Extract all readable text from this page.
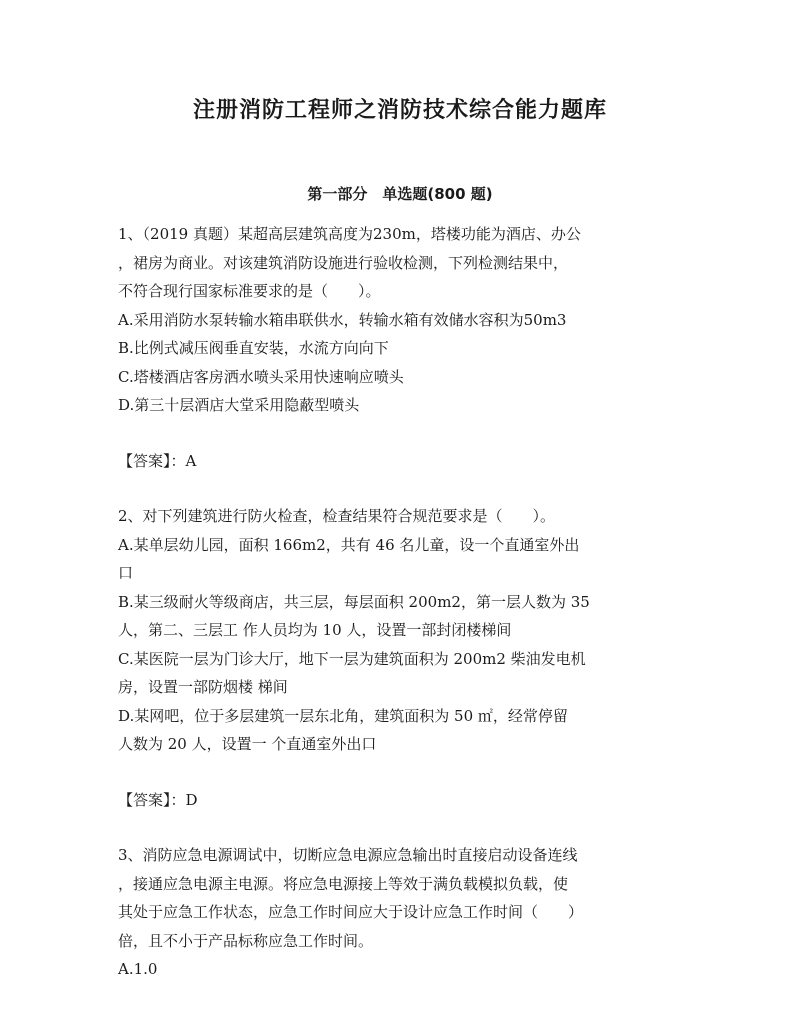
注册消防工程师之消防技术综合能力题库
第一部分　单选题(800 题)
1、（2019 真题）某超高层建筑高度为230m，塔楼功能为酒店、办公
，裙房为商业。对该建筑消防设施进行验收检测，下列检测结果中，
不符合现行国家标准要求的是（　　）。
A.采用消防水泵转输水箱串联供水，转输水箱有效储水容积为50m3
B.比例式减压阀垂直安装，水流方向向下
C.塔楼酒店客房洒水喷头采用快速响应喷头
D.第三十层酒店大堂采用隐蔽型喷头
【答案】：A
2、对下列建筑进行防火检查，检查结果符合规范要求是（　　）。
A.某单层幼儿园，面积 166m2，共有 46 名儿童，设一个直通室外出
口
B.某三级耐火等级商店，共三层，每层面积 200m2，第一层人数为 35
人，第二、三层工 作人员均为 10 人，设置一部封闭楼梯间
C.某医院一层为门诊大厅，地下一层为建筑面积为 200m2 柴油发电机
房，设置一部防烟楼 梯间
D.某网吧，位于多层建筑一层东北角，建筑面积为 50 ㎡，经常停留
人数为 20 人，设置一 个直通室外出口
【答案】：D
3、消防应急电源调试中，切断应急电源应急输出时直接启动设备连线
，接通应急电源主电源。将应急电源接上等效于满负载模拟负载，使
其处于应急工作状态，应急工作时间应大于设计应急工作时间（　　）
倍，且不小于产品标称应急工作时间。
A.1.0
